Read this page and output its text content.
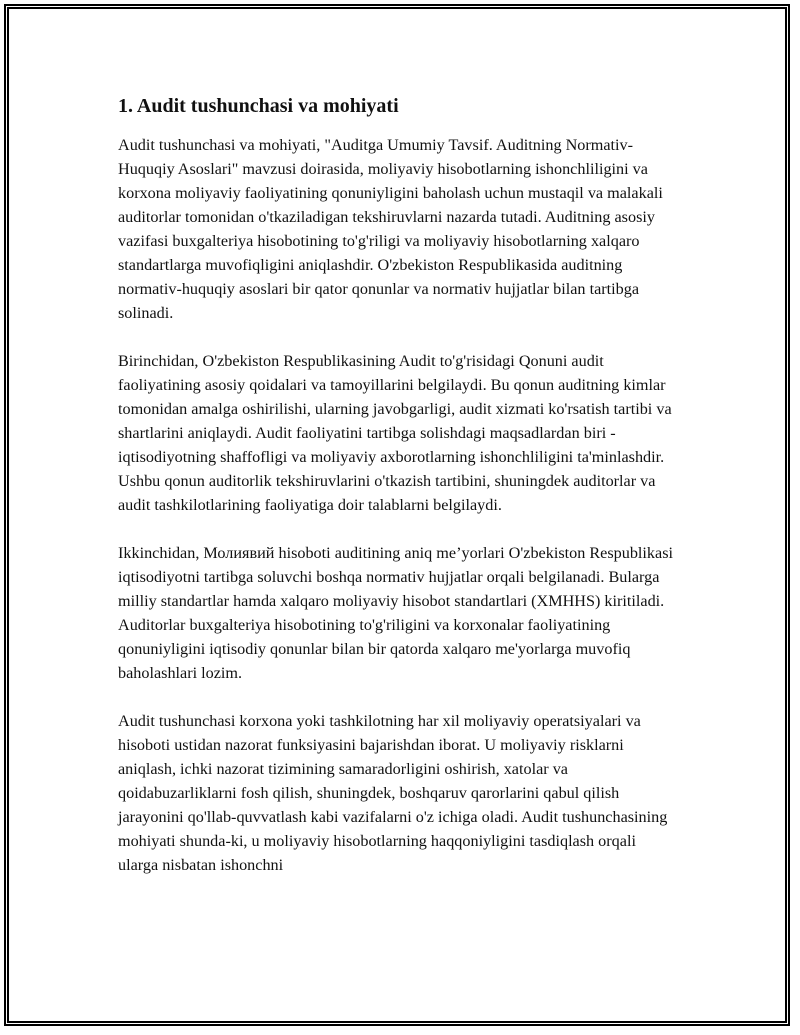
1. Audit tushunchasi va mohiyati

Audit tushunchasi va mohiyati, "Auditga Umumiy Tavsif. Auditning Normativ-Huquqiy Asoslari" mavzusi doirasida, moliyaviy hisobotlarning ishonchliligini va korxona moliyaviy faoliyatining qonuniyligini baholash uchun mustaqil va malakali auditorlar tomonidan o'tkaziladigan tekshiruvlarni nazarda tutadi. Auditning asosiy vazifasi buxgalteriya hisobotining to'g'riligi va moliyaviy hisobotlarning xalqaro standartlarga muvofiqligini aniqlashdir. O'zbekiston Respublikasida auditning normativ-huquqiy asoslari bir qator qonunlar va normativ hujjatlar bilan tartibga solinadi.

Birinchidan, O'zbekiston Respublikasining Audit to'g'risidagi Qonuni audit faoliyatining asosiy qoidalari va tamoyillarini belgilaydi. Bu qonun auditning kimlar tomonidan amalga oshirilishi, ularning javobgarligi, audit xizmati ko'rsatish tartibi va shartlarini aniqlaydi. Audit faoliyatini tartibga solishdagi maqsadlardan biri - iqtisodiyotning shaffofligi va moliyaviy axborotlarning ishonchliligini ta'minlashdir. Ushbu qonun auditorlik tekshiruvlarini o'tkazish tartibini, shuningdek auditorlar va audit tashkilotlarining faoliyatiga doir talablarni belgilaydi.

Ikkinchidan, Молиявий hisoboti auditining aniq me’yorlari O'zbekiston Respublikasi iqtisodiyotni tartibga soluvchi boshqa normativ hujjatlar orqali belgilanadi. Bularga milliy standartlar hamda xalqaro moliyaviy hisobot standartlari (XMHHS) kiritiladi. Auditorlar buxgalteriya hisobotining to'g'riligini va korxonalar faoliyatining qonuniyligini iqtisodiy qonunlar bilan bir qatorda xalqaro me'yorlarga muvofiq baholashlari lozim.

Audit tushunchasi korxona yoki tashkilotning har xil moliyaviy operatsiyalari va hisoboti ustidan nazorat funksiyasini bajarishdan iborat. U moliyaviy risklarni aniqlash, ichki nazorat tizimining samaradorligini oshirish, xatolar va qoidabuzarliklarni fosh qilish, shuningdek, boshqaruv qarorlarini qabul qilish jarayonini qo'llab-quvvatlash kabi vazifalarni o'z ichiga oladi. Audit tushunchasining mohiyati shunda-ki, u moliyaviy hisobotlarning haqqoniyligini tasdiqlash orqali ularga nisbatan ishonchni
